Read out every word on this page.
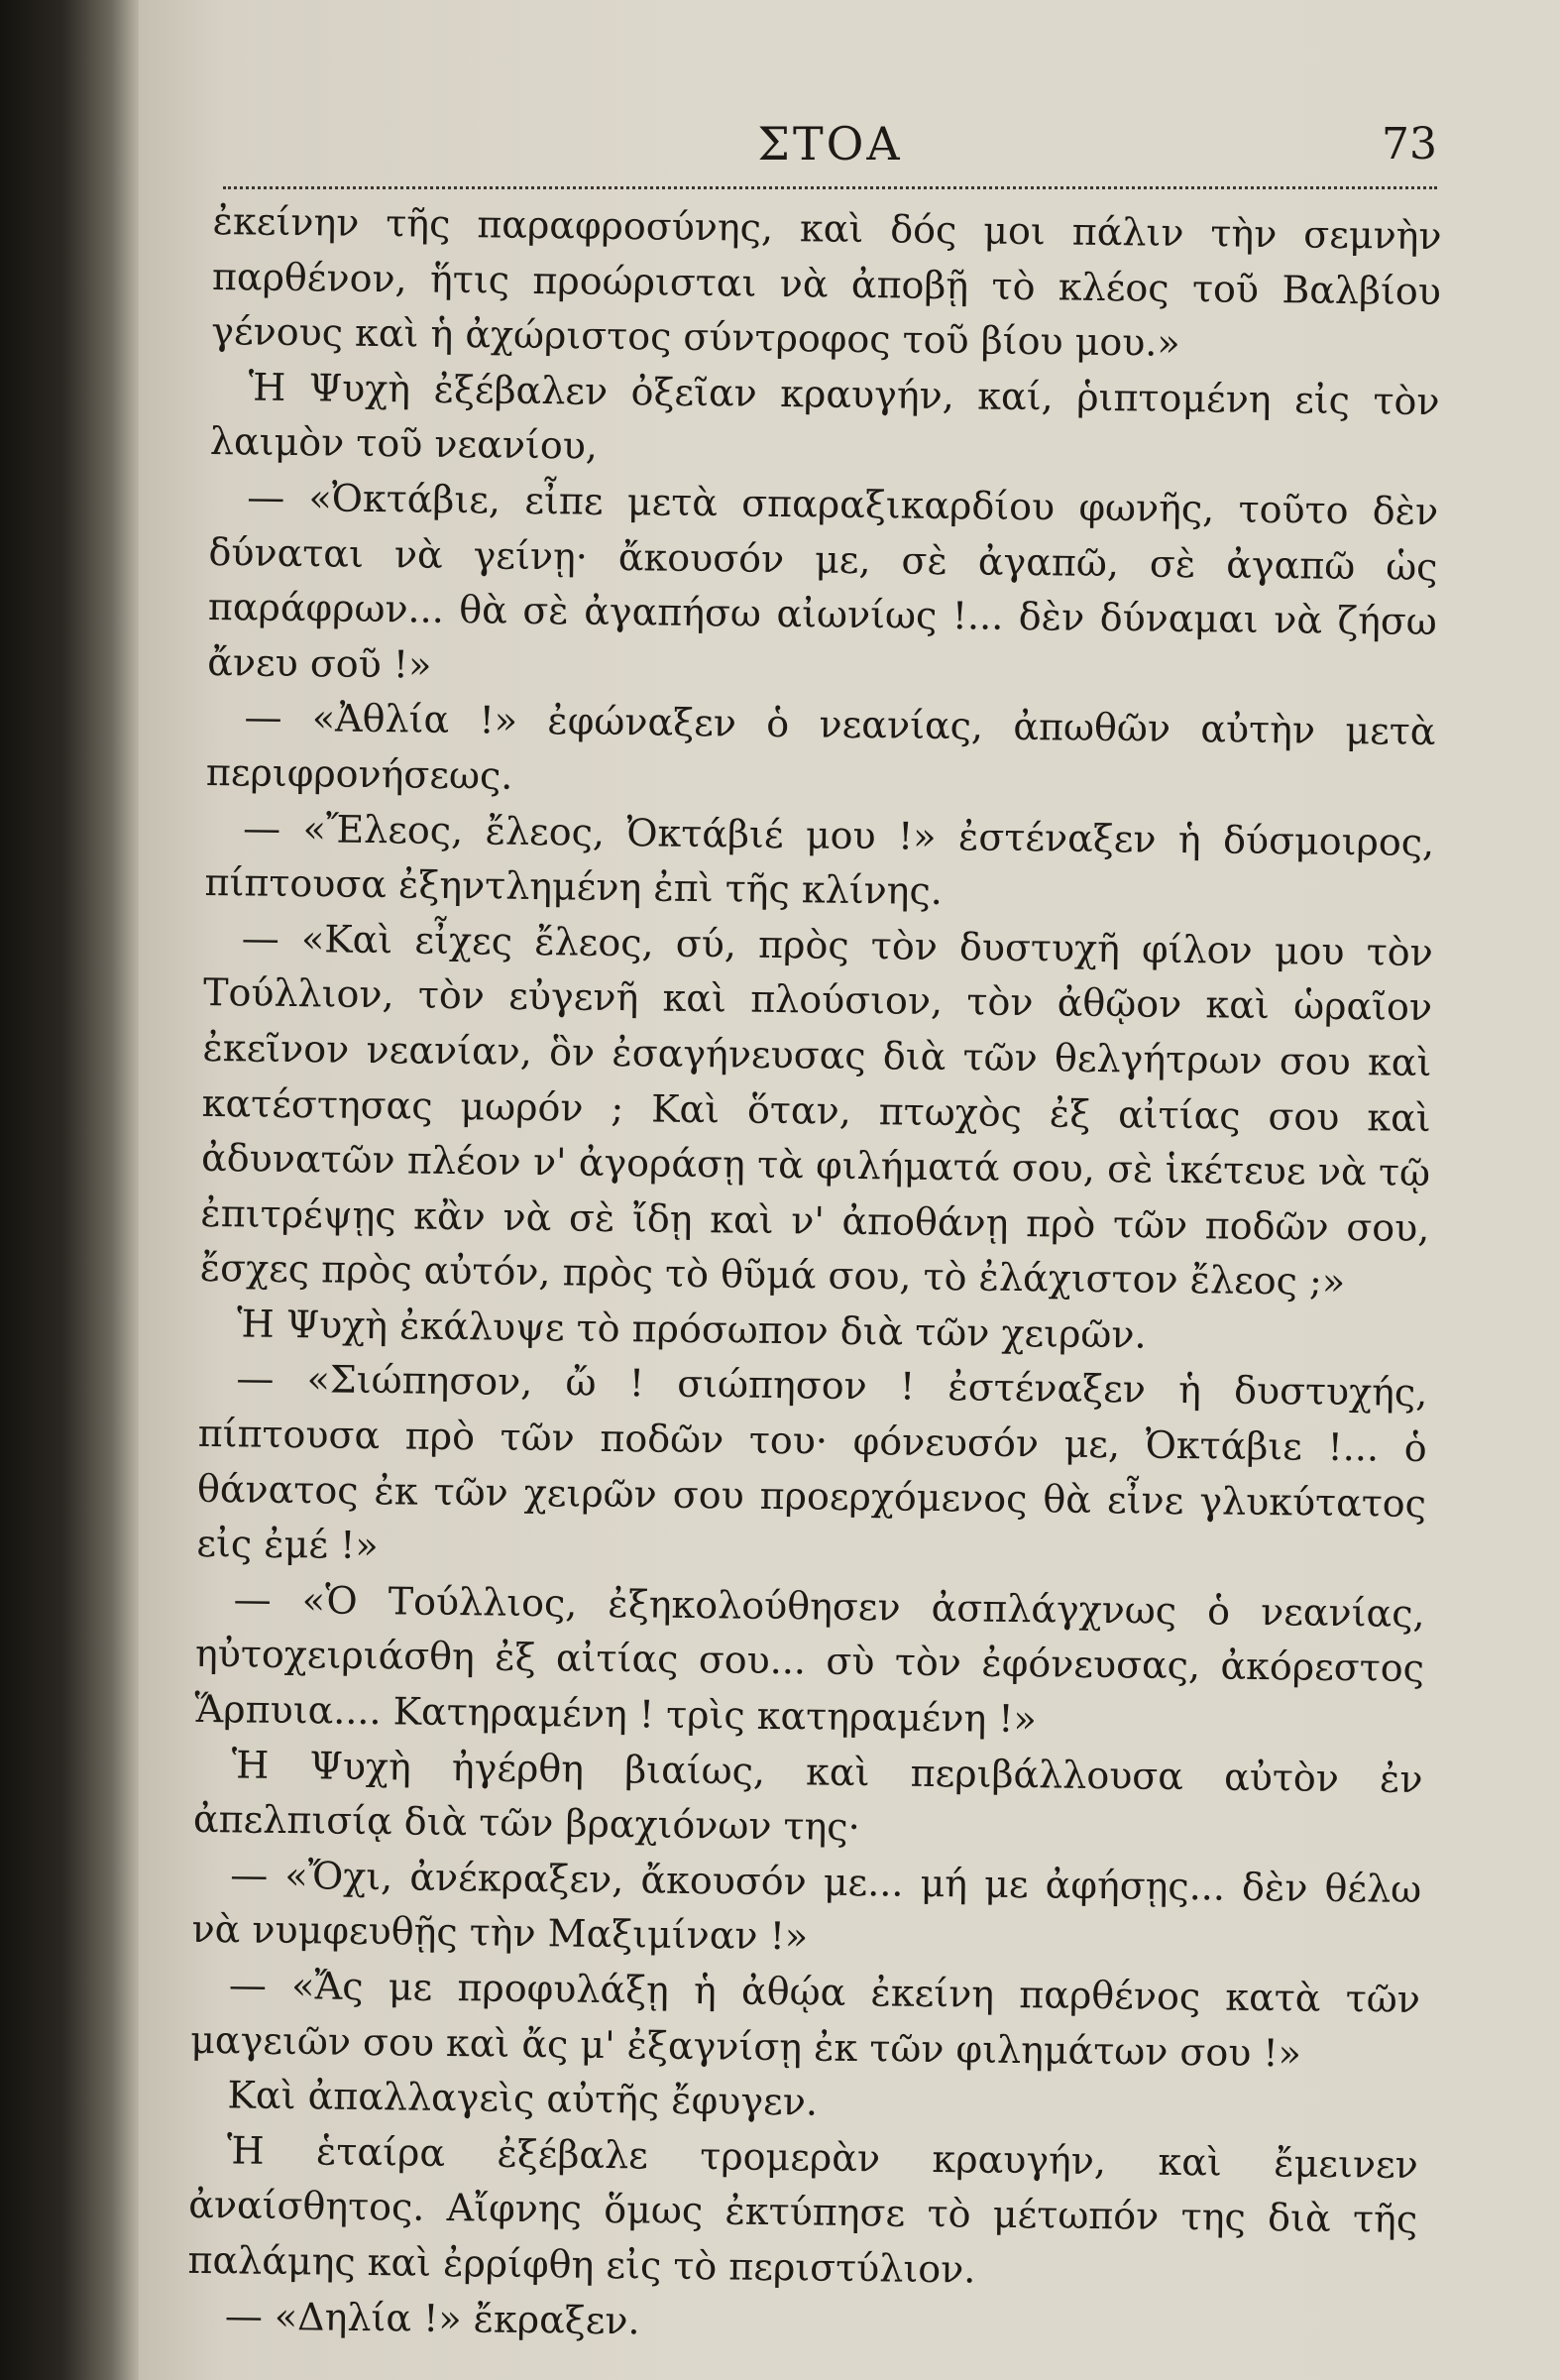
ΣΤΟΑ	73

ἐκείνην τῆς παραφροσύνης, καὶ δός μοι πάλιν τὴν σεμνὴν παρθένον, ἥτις προώρισται νὰ ἀποβῇ τὸ κλέος τοῦ Βαλβίου γένους καὶ ἡ ἀχώριστος σύντροφος τοῦ βίου μου.»

Ἡ Ψυχὴ ἐξέβαλεν ὀξεῖαν κραυγήν, καί, ῥιπτομένη εἰς τὸν λαιμὸν τοῦ νεανίου,

— «Ὀκτάβιε, εἶπε μετὰ σπαραξικαρδίου φωνῆς, τοῦτο δὲν δύναται νὰ γείνῃ· ἄκουσόν με, σὲ ἀγαπῶ, σὲ ἀγαπῶ ὡς παράφρων... θὰ σὲ ἀγαπήσω αἰωνίως !... δὲν δύναμαι νὰ ζήσω ἄνευ σοῦ !»

— «Ἀθλία !» ἐφώναξεν ὁ νεανίας, ἀπωθῶν αὐτὴν μετὰ περιφρονήσεως.

— «Ἔλεος, ἔλεος, Ὀκτάβιέ μου !» ἐστέναξεν ἡ δύσμοιρος, πίπτουσα ἐξηντλημένη ἐπὶ τῆς κλίνης.

— «Καὶ εἶχες ἔλεος, σύ, πρὸς τὸν δυστυχῆ φίλον μου τὸν Τούλλιον, τὸν εὐγενῆ καὶ πλούσιον, τὸν ἀθῷον καὶ ὡραῖον ἐκεῖνον νεανίαν, ὃν ἐσαγήνευσας διὰ τῶν θελγήτρων σου καὶ κατέστησας μωρόν ; Καὶ ὅταν, πτωχὸς ἐξ αἰτίας σου καὶ ἀδυνατῶν πλέον ν' ἀγοράσῃ τὰ φιλήματά σου, σὲ ἱκέτευε νὰ τῷ ἐπιτρέψῃς κἂν νὰ σὲ ἴδῃ καὶ ν' ἀποθάνῃ πρὸ τῶν ποδῶν σου, ἔσχες πρὸς αὐτόν, πρὸς τὸ θῦμά σου, τὸ ἐλάχιστον ἔλεος ;»

Ἡ Ψυχὴ ἐκάλυψε τὸ πρόσωπον διὰ τῶν χειρῶν.

— «Σιώπησον, ὤ ! σιώπησον ! ἐστέναξεν ἡ δυστυχής, πίπτουσα πρὸ τῶν ποδῶν του· φόνευσόν με, Ὀκτάβιε !... ὁ θάνατος ἐκ τῶν χειρῶν σου προερχόμενος θὰ εἶνε γλυκύτατος εἰς ἐμέ !»

— «Ὁ Τούλλιος, ἐξηκολούθησεν ἀσπλάγχνως ὁ νεανίας, ηὐτοχειριάσθη ἐξ αἰτίας σου... σὺ τὸν ἐφόνευσας, ἀκόρεστος Ἅρπυια.... Κατηραμένη ! τρὶς κατηραμένη !»

Ἡ Ψυχὴ ἠγέρθη βιαίως, καὶ περιβάλλουσα αὐτὸν ἐν ἀπελπισίᾳ διὰ τῶν βραχιόνων της·

— «Ὄχι, ἀνέκραξεν, ἄκουσόν με... μή με ἀφήσῃς... δὲν θέλω νὰ νυμφευθῇς τὴν Μαξιμίναν !»

— «Ἄς με προφυλάξῃ ἡ ἀθῴα ἐκείνη παρθένος κατὰ τῶν μαγειῶν σου καὶ ἄς μ' ἐξαγνίσῃ ἐκ τῶν φιλημάτων σου !»

Καὶ ἀπαλλαγεὶς αὐτῆς ἔφυγεν.

Ἡ ἑταίρα ἐξέβαλε τρομερὰν κραυγήν, καὶ ἔμεινεν ἀναίσθητος. Αἴφνης ὅμως ἐκτύπησε τὸ μέτωπόν της διὰ τῆς παλάμης καὶ ἐρρίφθη εἰς τὸ περιστύλιον.

— «Δηλία !» ἔκραξεν.
